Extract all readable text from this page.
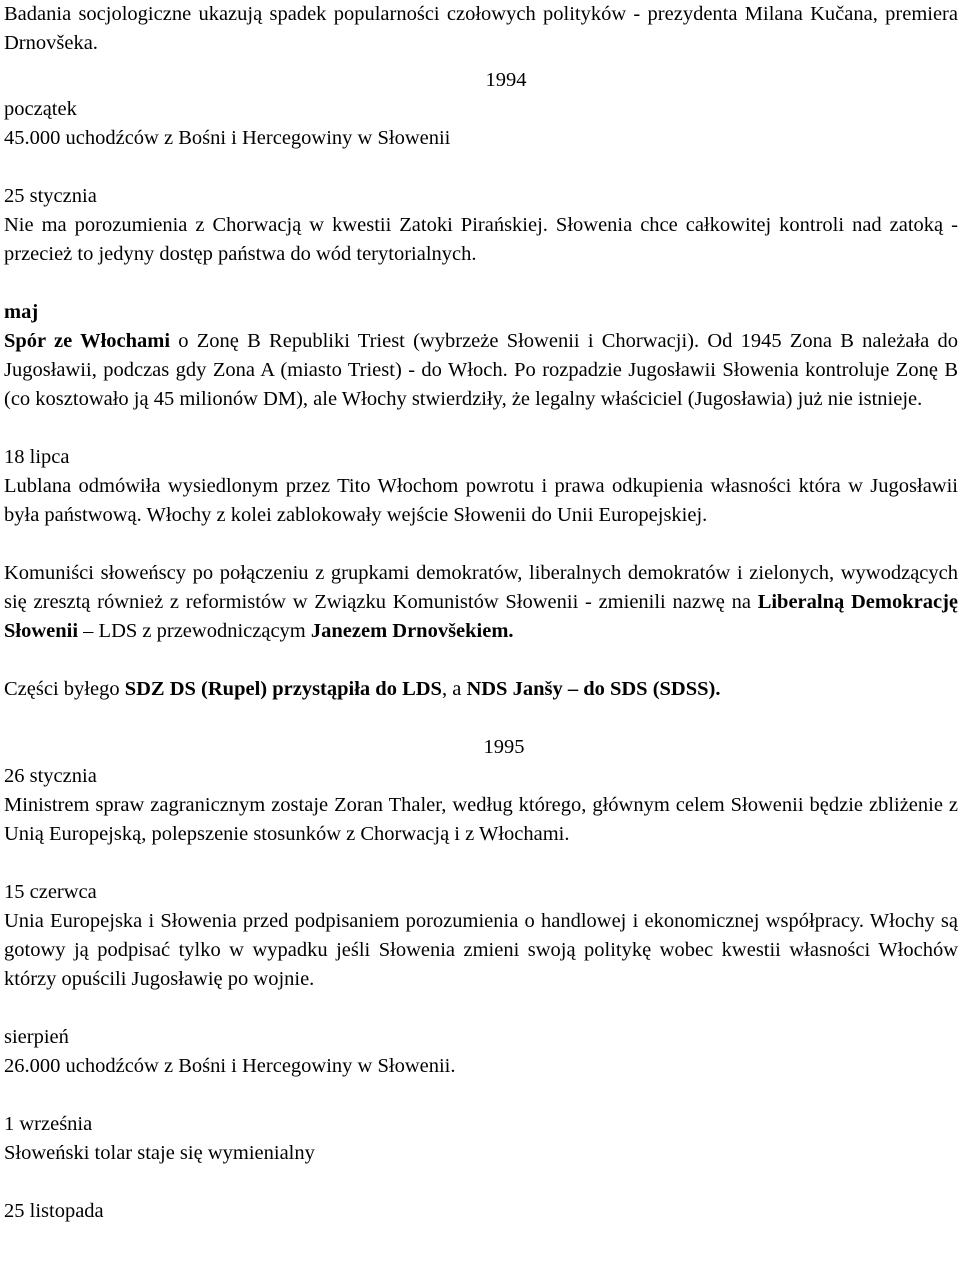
Badania socjologiczne ukazują spadek popularności czołowych polityków - prezydenta Milana Kučana, premiera Drnovšeka.

1994

początek

45.000 uchodźców z Bośni i Hercegowiny w Słowenii

25 stycznia

Nie ma porozumienia z Chorwacją w kwestii Zatoki Pirańskiej. Słowenia chce całkowitej kontroli nad zatoką - przecież to jedyny dostęp państwa do wód terytorialnych.

maj

Spór ze Włochami o Zonę B Republiki Triest (wybrzeże Słowenii i Chorwacji). Od 1945 Zona B należała do Jugosławii, podczas gdy Zona A (miasto Triest) - do Włoch. Po rozpadzie Jugosławii Słowenia kontroluje Zonę B (co kosztowało ją 45 milionów DM), ale Włochy stwierdziły, że legalny właściciel (Jugosławia) już nie istnieje.

18 lipca

Lublana odmówiła wysiedlonym przez Tito Włochom powrotu i prawa odkupienia własności która w Jugosławii była państwową. Włochy z kolei zablokowały wejście Słowenii do Unii Europejskiej.

Komuniści słoweńscy po połączeniu z grupkami demokratów, liberalnych demokratów i zielonych, wywodzących się zresztą również z reformistów w Związku Komunistów Słowenii - zmienili nazwę na Liberalną Demokrację Słowenii – LDS z przewodniczącym Janezem Drnovšekiem.

Części byłego SDZ DS (Rupel) przystąpiła do LDS, a NDS Janšy – do SDS (SDSS).

1995

26 stycznia

Ministrem spraw zagranicznym zostaje Zoran Thaler, według którego, głównym celem Słowenii będzie zbliżenie z Unią Europejską, polepszenie stosunków z Chorwacją i z Włochami.

15 czerwca

Unia Europejska i Słowenia przed podpisaniem porozumienia o handlowej i ekonomicznej współpracy. Włochy są gotowy ją podpisać tylko w wypadku jeśli Słowenia zmieni swoją politykę wobec kwestii własności Włochów którzy opuścili Jugosławię po wojnie.

sierpień

26.000 uchodźców z Bośni i Hercegowiny w Słowenii.

1 września

Słoweński tolar staje się wymienialny

25 listopada
